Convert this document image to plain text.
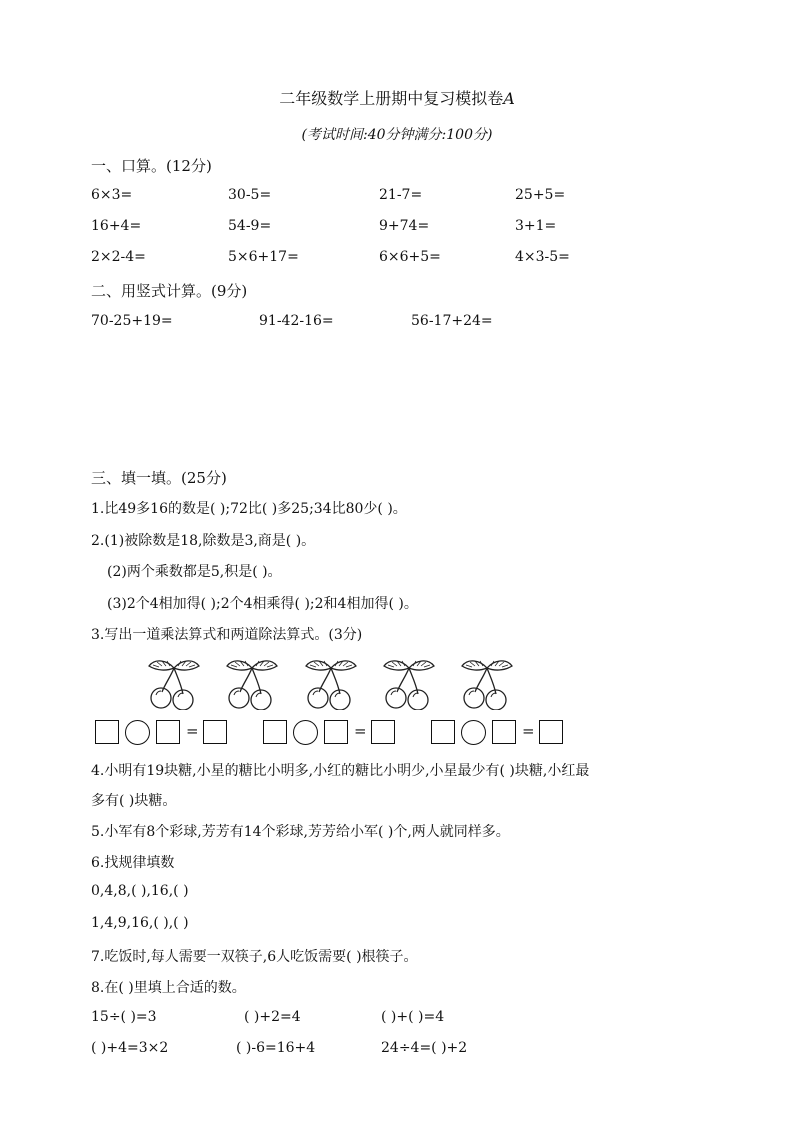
二年级数学上册期中复习模拟卷A
(考试时间:40分钟满分:100分)
一、口算。(12分)
6×3=	30-5=	21-7=	25+5=
16+4=	54-9=	9+74=	3+1=
2×2-4=	5×6+17=	6×6+5=	4×3-5=
二、用竖式计算。(9分)
70-25+19=	91-42-16=	56-17+24=
三、填一填。(25分)
1.比49多16的数是( );72比( )多25;34比80少( )。
2.(1)被除数是18,除数是3,商是( )。
(2)两个乘数都是5,积是( )。
(3)2个4相加得( );2个4相乘得( );2和4相加得( )。
3.写出一道乘法算式和两道除法算式。(3分)
=	=	=
4.小明有19块糖,小星的糖比小明多,小红的糖比小明少,小星最少有( )块糖,小红最
多有( )块糖。
5.小军有8个彩球,芳芳有14个彩球,芳芳给小军( )个,两人就同样多。
6.找规律填数
0,4,8,( ),16,( )
1,4,9,16,( ),( )
7.吃饭时,每人需要一双筷子,6人吃饭需要( )根筷子。
8.在( )里填上合适的数。
15÷( )=3	( )+2=4	( )+( )=4
( )+4=3×2	( )-6=16+4	24÷4=( )+2
